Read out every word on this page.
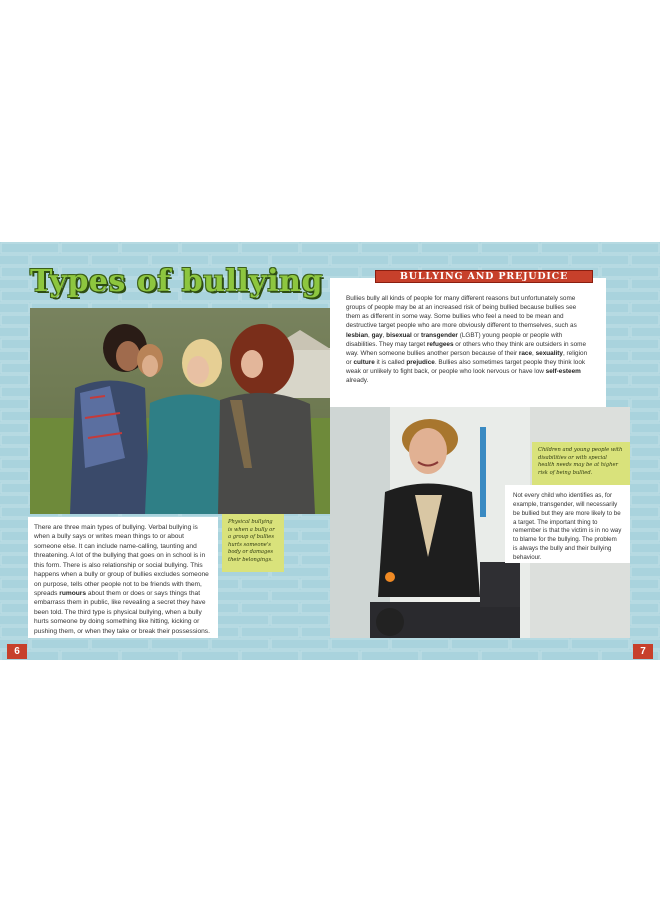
Types of bullying

There are three main types of bullying. Verbal bullying is when a bully says or writes mean things to or about someone else. It can include name-calling, taunting and threatening. A lot of the bullying that goes on in school is in this form. There is also relationship or social bullying. This happens when a bully or group of bullies excludes someone on purpose, tells other people not to be friends with them, spreads rumours about them or does or says things that embarrass them in public, like revealing a secret they have been told. The third type is physical bullying, when a bully hurts someone by doing something like hitting, kicking or pushing them, or when they take or break their possessions.

Physical bullying is when a bully or a group of bullies hurts someone's body or damages their belongings.

6

Bullies bully all kinds of people for many different reasons but unfortunately some groups of people may be at an increased risk of being bullied because bullies see them as different in some way. Some bullies who feel a need to be mean and destructive target people who are more obviously different to themselves, such as lesbian, gay, bisexual or transgender (LGBT) young people or people with disabilities. They may target refugees or others who they think are outsiders in some way. When someone bullies another person because of their race, sexuality, religion or culture it is called prejudice. Bullies also sometimes target people they think look weak or unlikely to fight back, or people who look nervous or have low self-esteem already.

BULLYING AND PREJUDICE

Children and young people with disabilities or with special health needs may be at higher risk of being bullied.

Not every child who identifies as, for example, transgender, will necessarily be bullied but they are more likely to be a target. The important thing to remember is that the victim is in no way to blame for the bullying. The problem is always the bully and their bullying behaviour.

7
